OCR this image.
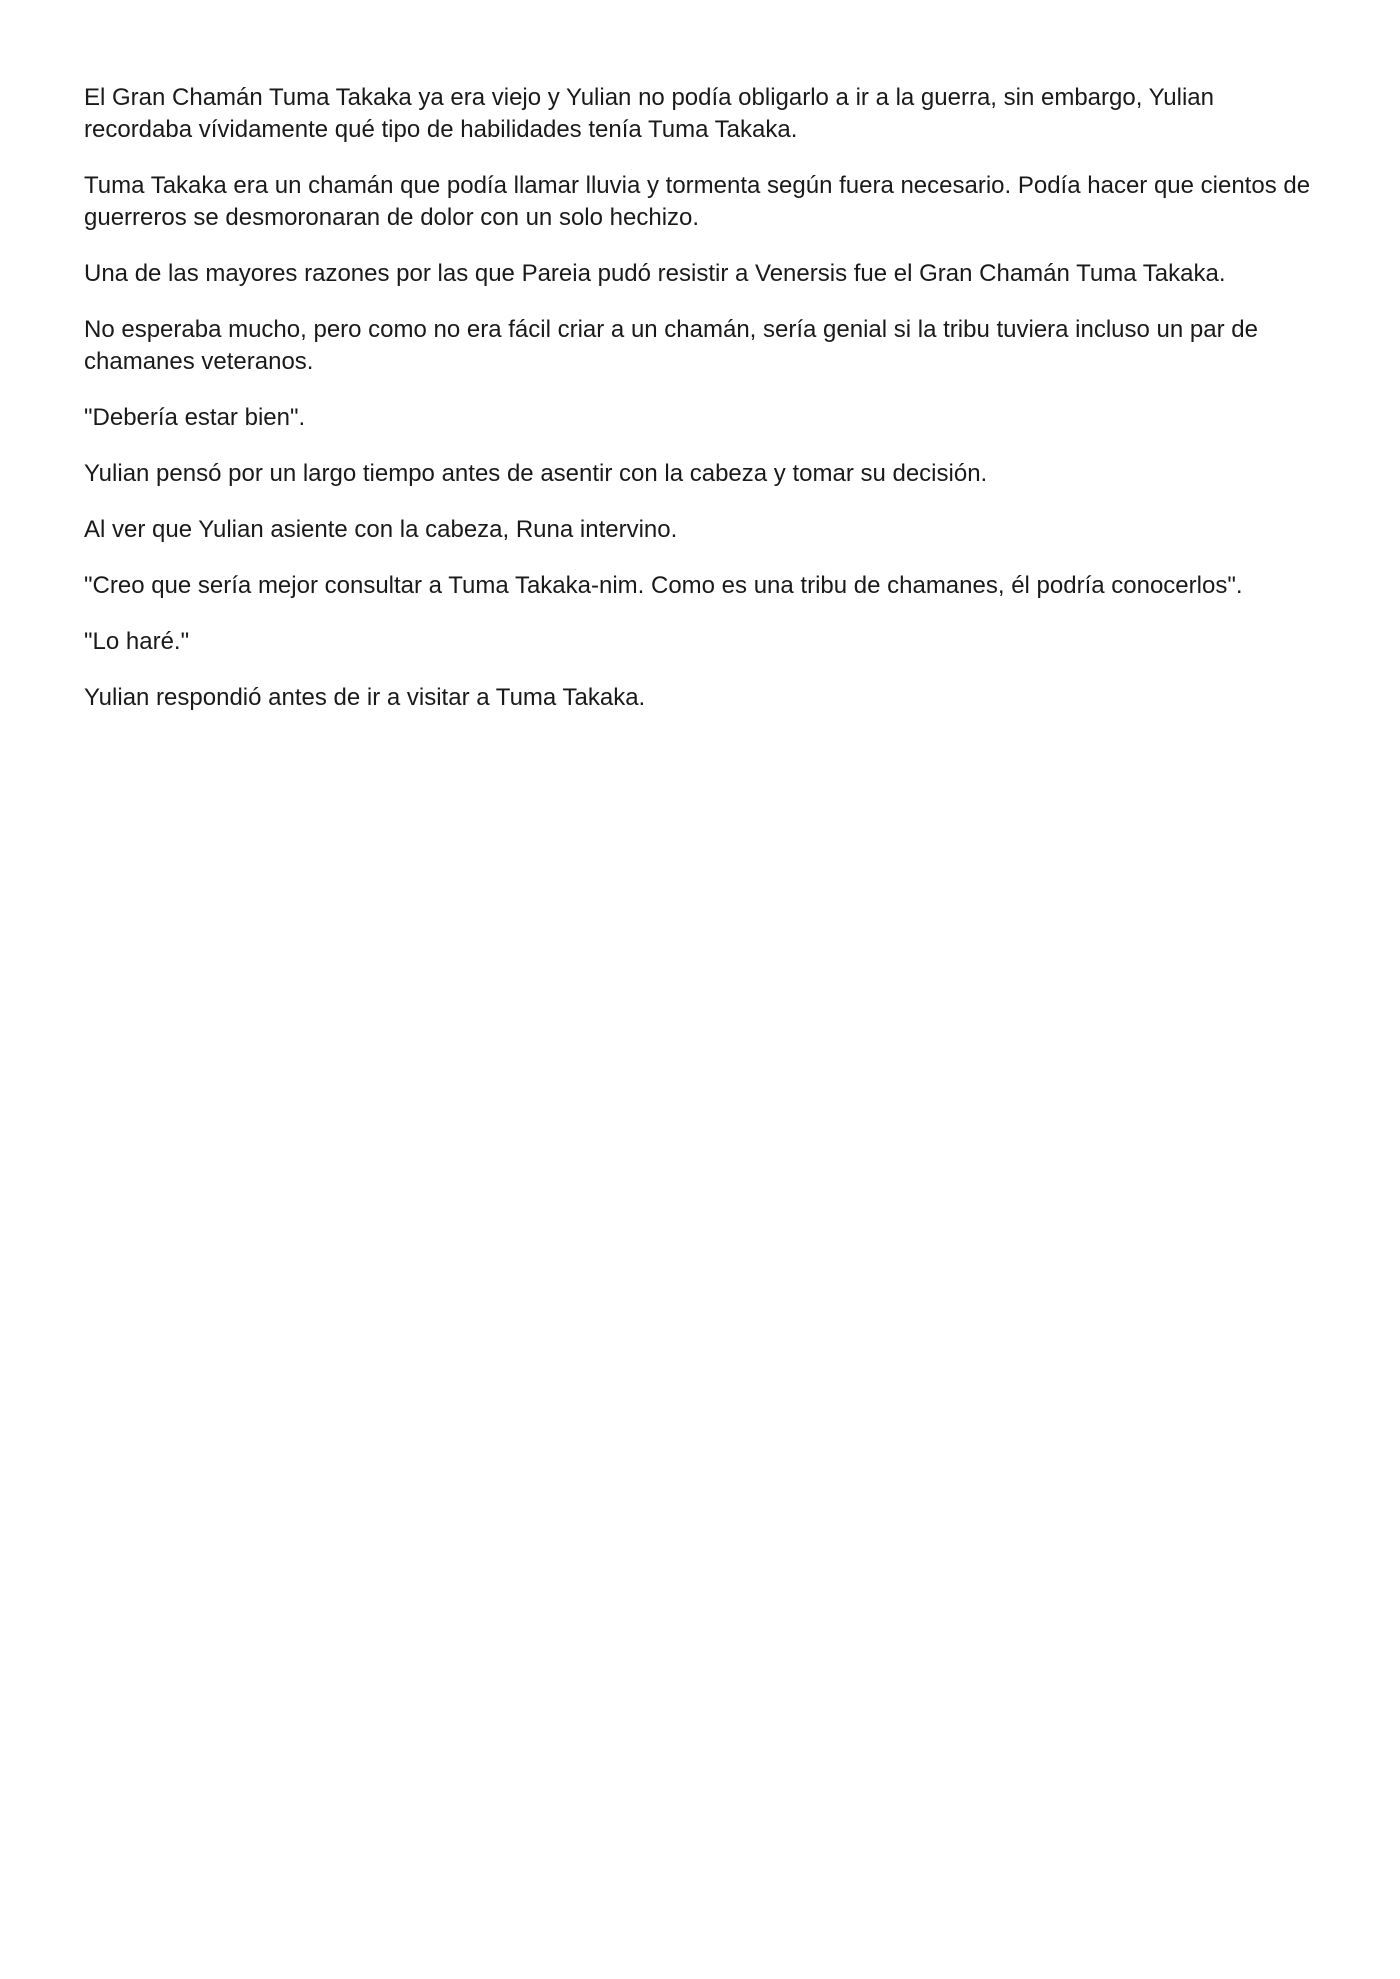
El Gran Chamán Tuma Takaka ya era viejo y Yulian no podía obligarlo a ir a la guerra, sin embargo, Yulian recordaba vívidamente qué tipo de habilidades tenía Tuma Takaka.

Tuma Takaka era un chamán que podía llamar lluvia y tormenta según fuera necesario. Podía hacer que cientos de guerreros se desmoronaran de dolor con un solo hechizo.

Una de las mayores razones por las que Pareia pudó resistir a Venersis fue el Gran Chamán Tuma Takaka.

No esperaba mucho, pero como no era fácil criar a un chamán, sería genial si la tribu tuviera incluso un par de chamanes veteranos.

"Debería estar bien".

Yulian pensó por un largo tiempo antes de asentir con la cabeza y tomar su decisión.

Al ver que Yulian asiente con la cabeza, Runa intervino.

"Creo que sería mejor consultar a Tuma Takaka-nim. Como es una tribu de chamanes, él podría conocerlos".

"Lo haré."

Yulian respondió antes de ir a visitar a Tuma Takaka.
